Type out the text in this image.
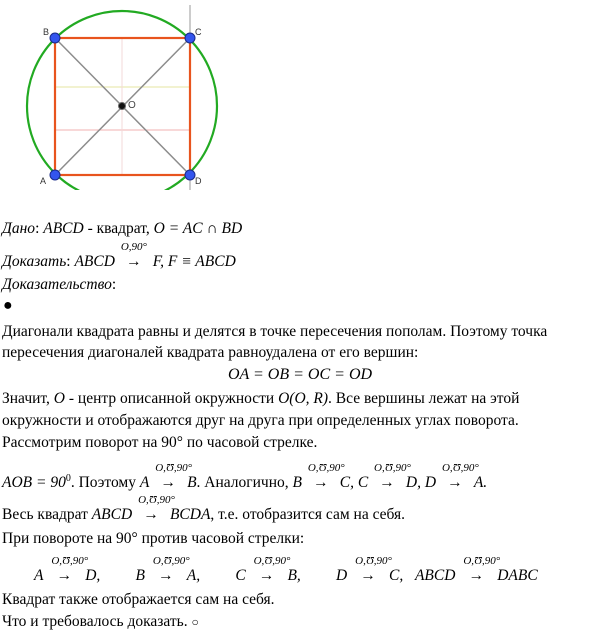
A
B	C
D
O
Дано: ABCD - квадрат, O = AC ∩ BD
Доказать: ABCD
O,90°
→ F, F ≡ ABCD
Доказательство:
●
Диагонали квадрата равны и делятся в точке пересечения пополам. Поэтому точка
пересечения диагоналей квадрата равноудалена от его вершин:
OA = OB = OC = OD
Значит, O - центр описанной окружности O(O, R). Все вершины лежат на этой
окружности и отображаются друг на друга при определенных углах поворота.
Рассмотрим поворот на 90° по часовой стрелке.
AOB = $90^0$. Поэтому A
O,Ʊ,90°
→ B. Аналогично, B
O,Ʊ,90°
→ C, C
O,Ʊ,90°
→ D, D
O,Ʊ,90°
→ A.
Весь квадрат ABCD
O,Ʊ,90°
→ BCDA, т.е. отобразится сам на себя.
При повороте на 90° против часовой стрелки:
A
O,Ʊ,90°
→ D, B
O,Ʊ,90°
→ A, C
O,Ʊ,90°
→ B, D
O,Ʊ,90°
→ C, ABCD
O,Ʊ,90°
→ DABC
Квадрат также отображается сам на себя.
Что и требовалось доказать. ○
